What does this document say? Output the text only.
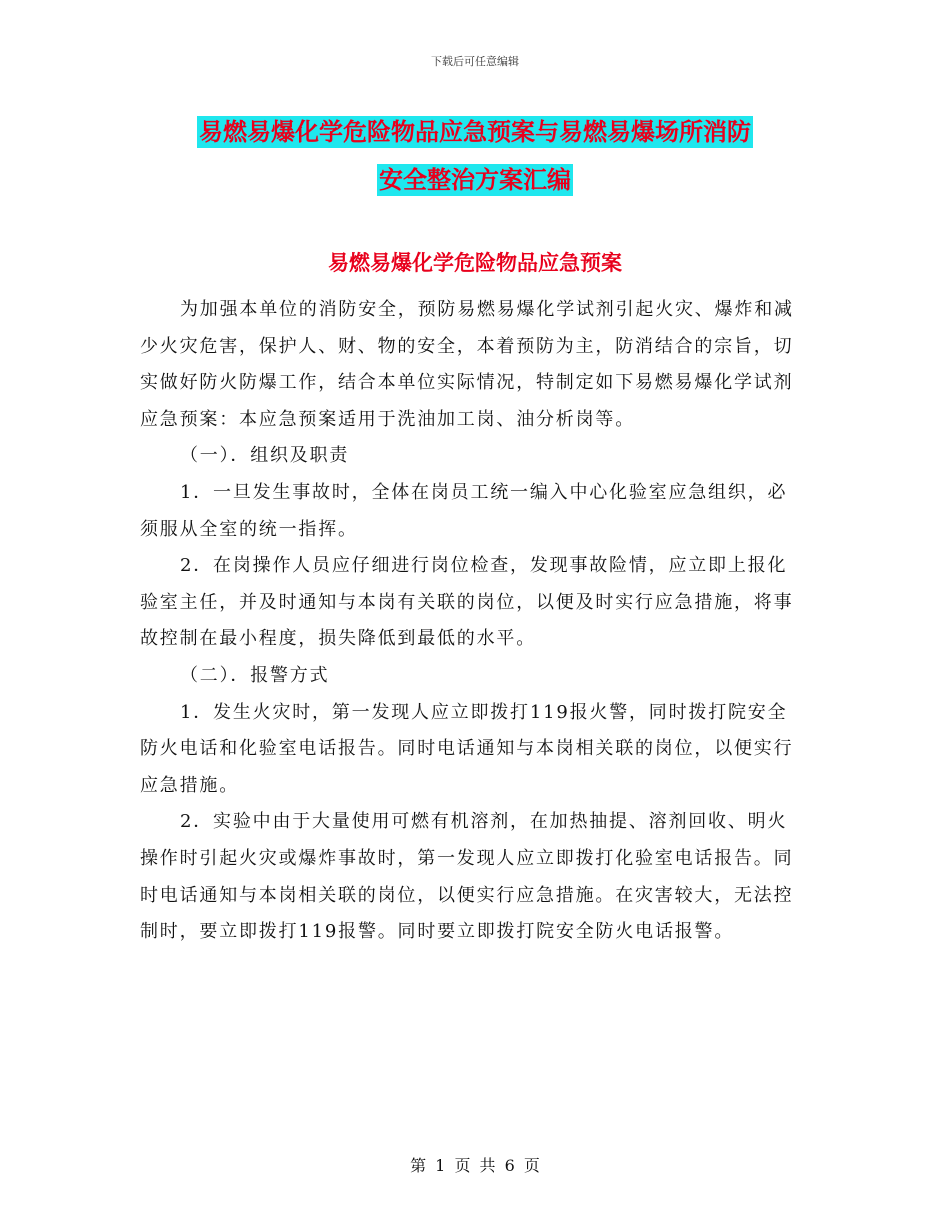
下载后可任意编辑
易燃易爆化学危险物品应急预案与易燃易爆场所消防
安全整治方案汇编
易燃易爆化学危险物品应急预案

为加强本单位的消防安全，预防易燃易爆化学试剂引起火灾、爆炸和减少火灾危害，保护人、财、物的安全，本着预防为主，防消结合的宗旨，切实做好防火防爆工作，结合本单位实际情况，特制定如下易燃易爆化学试剂应急预案：本应急预案适用于洗油加工岗、油分析岗等。

（一）．组织及职责

1．一旦发生事故时，全体在岗员工统一编入中心化验室应急组织，必须服从全室的统一指挥。

2．在岗操作人员应仔细进行岗位检查，发现事故险情，应立即上报化验室主任，并及时通知与本岗有关联的岗位，以便及时实行应急措施，将事故控制在最小程度，损失降低到最低的水平。

（二）．报警方式

1．发生火灾时，第一发现人应立即拨打119报火警，同时拨打院安全防火电话和化验室电话报告。同时电话通知与本岗相关联的岗位，以便实行应急措施。

2．实验中由于大量使用可燃有机溶剂，在加热抽提、溶剂回收、明火操作时引起火灾或爆炸事故时，第一发现人应立即拨打化验室电话报告。同时电话通知与本岗相关联的岗位，以便实行应急措施。在灾害较大，无法控制时，要立即拨打119报警。同时要立即拨打院安全防火电话报警。

第 1 页 共 6 页
